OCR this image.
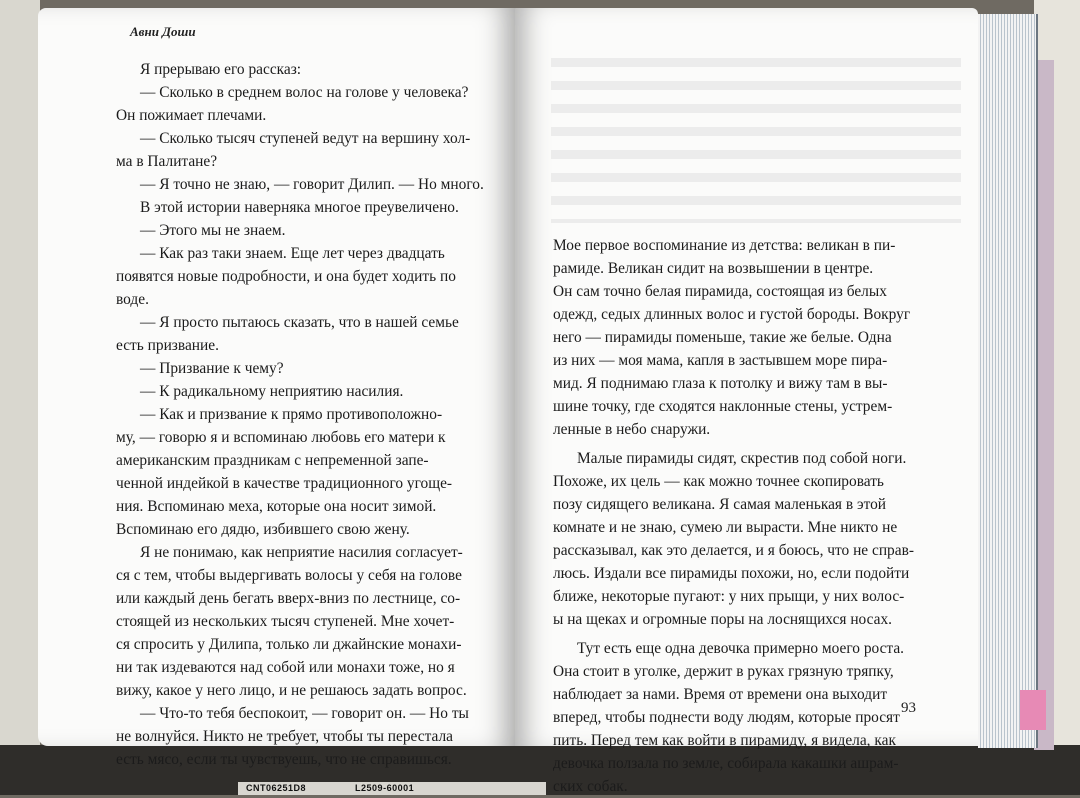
CNT06251D8	L2509-60001
Авни Доши

Я прерываю его рассказ:

— Сколько в среднем волос на голове у человека?

Он пожимает плечами.

— Сколько тысяч ступеней ведут на вершину хол-

ма в Палитане?

— Я точно не знаю, — говорит Дилип. — Но много.

В этой истории наверняка многое преувеличено.

— Этого мы не знаем.

— Как раз таки знаем. Еще лет через двадцать

появятся новые подробности, и она будет ходить по

воде.

— Я просто пытаюсь сказать, что в нашей семье

есть призвание.

— Призвание к чему?

— К радикальному неприятию насилия.

— Как и призвание к прямо противоположно-

му, — говорю я и вспоминаю любовь его матери к

американским праздникам с непременной запе-

ченной индейкой в качестве традиционного угоще-

ния. Вспоминаю меха, которые она носит зимой.

Вспоминаю его дядю, избившего свою жену.

Я не понимаю, как неприятие насилия согласует-

ся с тем, чтобы выдергивать волосы у себя на голове

или каждый день бегать вверх-вниз по лестнице, со-

стоящей из нескольких тысяч ступеней. Мне хочет-

ся спросить у Дилипа, только ли джайнские монахи-

ни так издеваются над собой или монахи тоже, но я

вижу, какое у него лицо, и не решаюсь задать вопрос.

— Что-то тебя беспокоит, — говорит он. — Но ты

не волнуйся. Никто не требует, чтобы ты перестала

есть мясо, если ты чувствуешь, что не справишься.

Мое первое воспоминание из детства: великан в пи-

рамиде. Великан сидит на возвышении в центре.

Он сам точно белая пирамида, состоящая из белых

одежд, седых длинных волос и густой бороды. Вокруг

него — пирамиды поменьше, такие же белые. Одна

из них — моя мама, капля в застывшем море пира-

мид. Я поднимаю глаза к потолку и вижу там в вы-

шине точку, где сходятся наклонные стены, устрем-

ленные в небо снаружи.

Малые пирамиды сидят, скрестив под собой ноги.

Похоже, их цель — как можно точнее скопировать

позу сидящего великана. Я самая маленькая в этой

комнате и не знаю, сумею ли вырасти. Мне никто не

рассказывал, как это делается, и я боюсь, что не справ-

люсь. Издали все пирамиды похожи, но, если подойти

ближе, некоторые пугают: у них прыщи, у них волос-

ы на щеках и огромные поры на лоснящихся носах.

Тут есть еще одна девочка примерно моего роста.

Она стоит в уголке, держит в руках грязную тряпку,

наблюдает за нами. Время от времени она выходит

вперед, чтобы поднести воду людям, которые просят

пить. Перед тем как войти в пирамиду, я видела, как

девочка ползала по земле, собирала какашки ашрам-

ских собак.

93
